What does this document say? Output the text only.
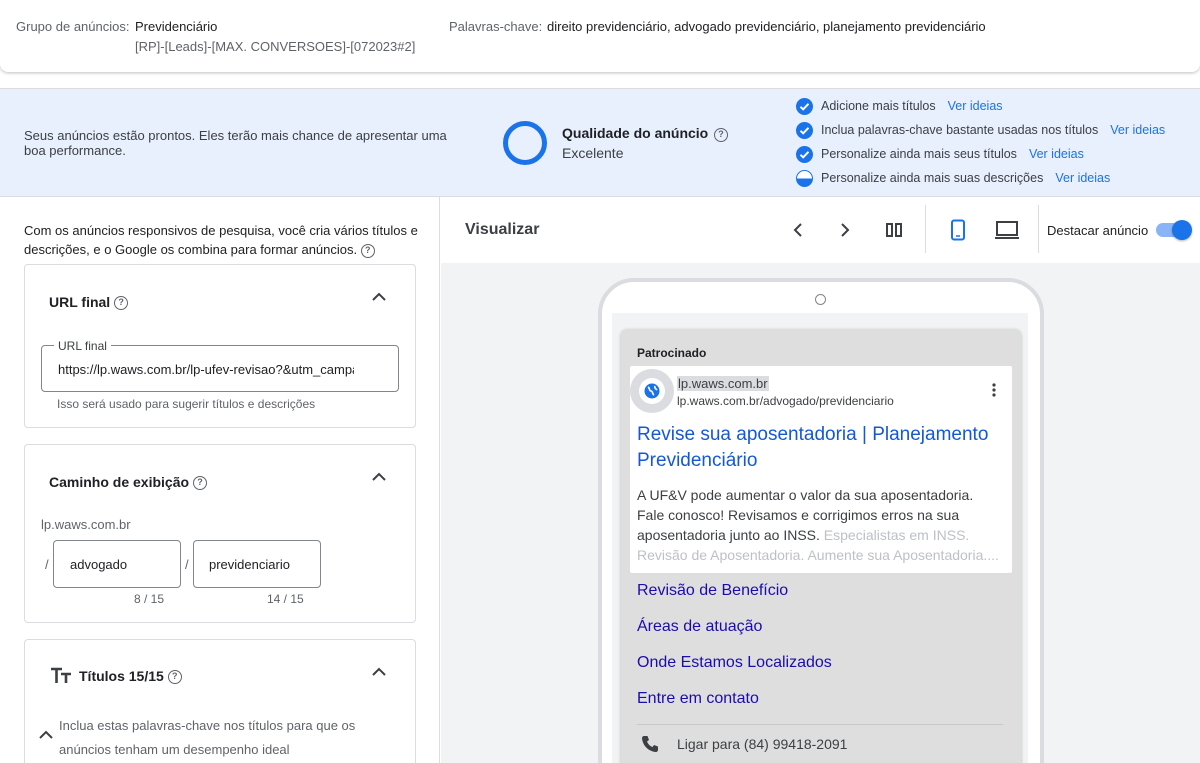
Grupo de anúncios: Previdenciário
[RP]-[Leads]-[MAX. CONVERSOES]-[072023#2]
Palavras-chave: direito previdenciário, advogado previdenciário, planejamento previdenciário
Seus anúncios estão prontos. Eles terão mais chance de apresentar uma boa performance.
Qualidade do anúncio	?
Excelente
Adicione mais títulos Ver ideias
Inclua palavras-chave bastante usadas nos títulos Ver ideias
Personalize ainda mais seus títulos Ver ideias
Personalize ainda mais suas descrições Ver ideias
Com os anúncios responsivos de pesquisa, você cria vários títulos e descrições, e o Google os combina para formar anúncios. ?
URL final ?
URL final
https://lp.waws.com.br/lp-ufev-revisao?&utm_campaign=
Isso será usado para sugerir títulos e descrições
Caminho de exibição ?
lp.waws.com.br
/ advogado
8 / 15
/ previdenciario
14 / 15
Títulos 15/15 ?
Inclua estas palavras-chave nos títulos para que os anúncios tenham um desempenho ideal
Visualizar	Destacar anúncio
Patrocinado
lp.waws.com.br
lp.waws.com.br/advogado/previdenciario
Revise sua aposentadoria | Planejamento Previdenciário
A UF&V pode aumentar o valor da sua aposentadoria. Fale conosco! Revisamos e corrigimos erros na sua aposentadoria junto ao INSS. Especialistas em INSS. Revisão de Aposentadoria. Aumente sua Aposentadoria....
Revisão de Benefício
Áreas de atuação
Onde Estamos Localizados
Entre em contato
Ligar para (84) 99418-2091
